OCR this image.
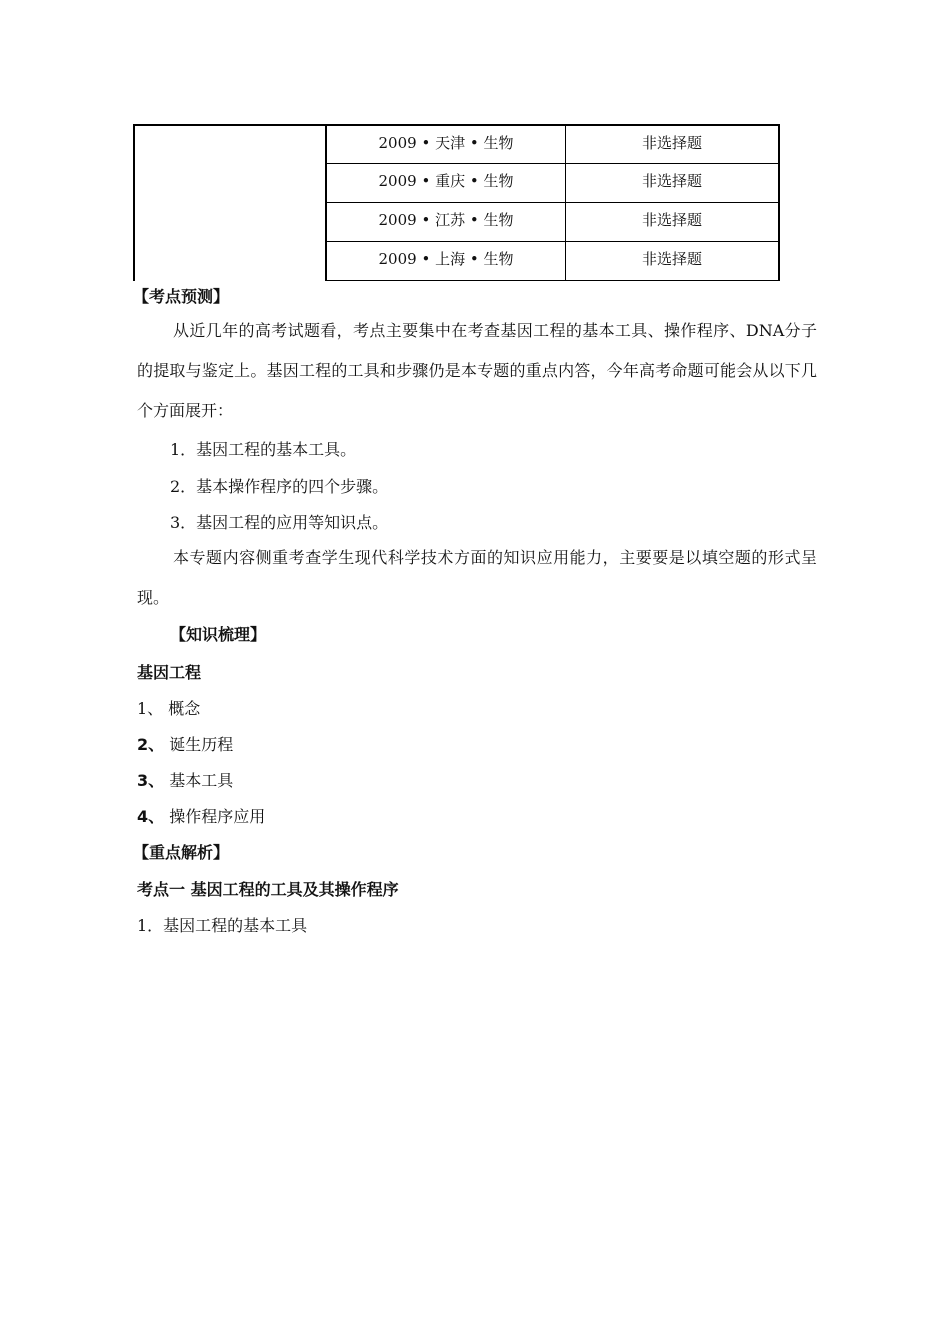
2009 • 天津 • 生物	非选择题
2009 • 重庆 • 生物	非选择题
2009 • 江苏 • 生物	非选择题
2009 • 上海 • 生物	非选择题
【考点预测】
从近几年的高考试题看，考点主要集中在考查基因工程的基本工具、操作程序、DNA分子的提取与鉴定上。基因工程的工具和步骤仍是本专题的重点内答，今年高考命题可能会从以下几个方面展开：
1．基因工程的基本工具。
2．基本操作程序的四个步骤。
3．基因工程的应用等知识点。
本专题内容侧重考查学生现代科学技术方面的知识应用能力，主要要是以填空题的形式呈现。
【知识梳理】
基因工程
1、 概念
2、 诞生历程
3、 基本工具
4、 操作程序应用
【重点解析】
考点一 基因工程的工具及其操作程序
1．基因工程的基本工具
